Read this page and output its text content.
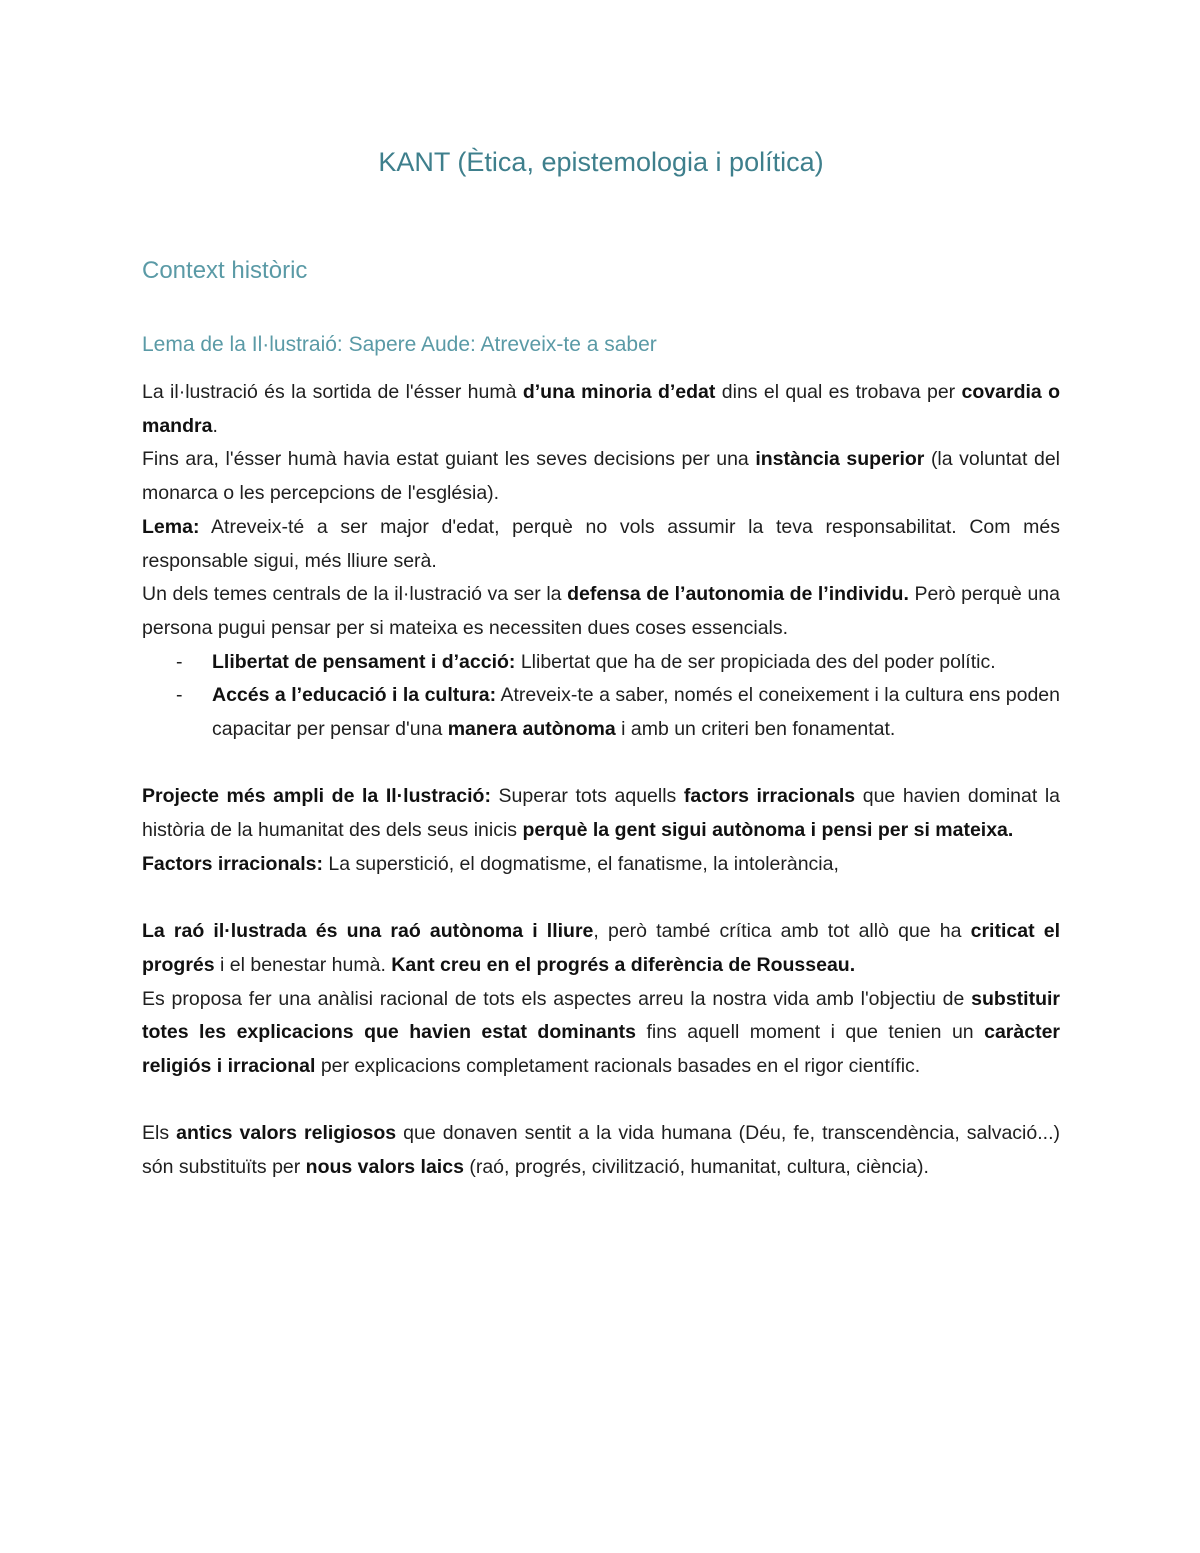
KANT (Ètica, epistemologia i política)
Context històric
Lema de la Il·lustraió: Sapere Aude: Atreveix-te a saber

La il·lustració és la sortida de l'ésser humà d’una minoria d’edat dins el qual es trobava per covardia o mandra.

Fins ara, l'ésser humà havia estat guiant les seves decisions per una instància superior (la voluntat del monarca o les percepcions de l'església).

Lema: Atreveix-té a ser major d'edat, perquè no vols assumir la teva responsabilitat. Com més responsable sigui, més lliure serà.

Un dels temes centrals de la il·lustració va ser la defensa de l’autonomia de l’individu. Però perquè una persona pugui pensar per si mateixa es necessiten dues coses essencials.

- Llibertat de pensament i d’acció: Llibertat que ha de ser propiciada des del poder polític.
- Accés a l’educació i la cultura: Atreveix-te a saber, només el coneixement i la cultura ens poden capacitar per pensar d'una manera autònoma i amb un criteri ben fonamentat.

Projecte més ampli de la Il·lustració: Superar tots aquells factors irracionals que havien dominat la història de la humanitat des dels seus inicis perquè la gent sigui autònoma i pensi per si mateixa.

Factors irracionals: La superstició, el dogmatisme, el fanatisme, la intolerància,

La raó il·lustrada és una raó autònoma i lliure, però també crítica amb tot allò que ha criticat el progrés i el benestar humà. Kant creu en el progrés a diferència de Rousseau.

Es proposa fer una anàlisi racional de tots els aspectes arreu la nostra vida amb l'objectiu de substituir totes les explicacions que havien estat dominants fins aquell moment i que tenien un caràcter religiós i irracional per explicacions completament racionals basades en el rigor científic.

Els antics valors religiosos que donaven sentit a la vida humana (Déu, fe, transcendència, salvació...) són substituïts per nous valors laics (raó, progrés, civilització, humanitat, cultura, ciència).
